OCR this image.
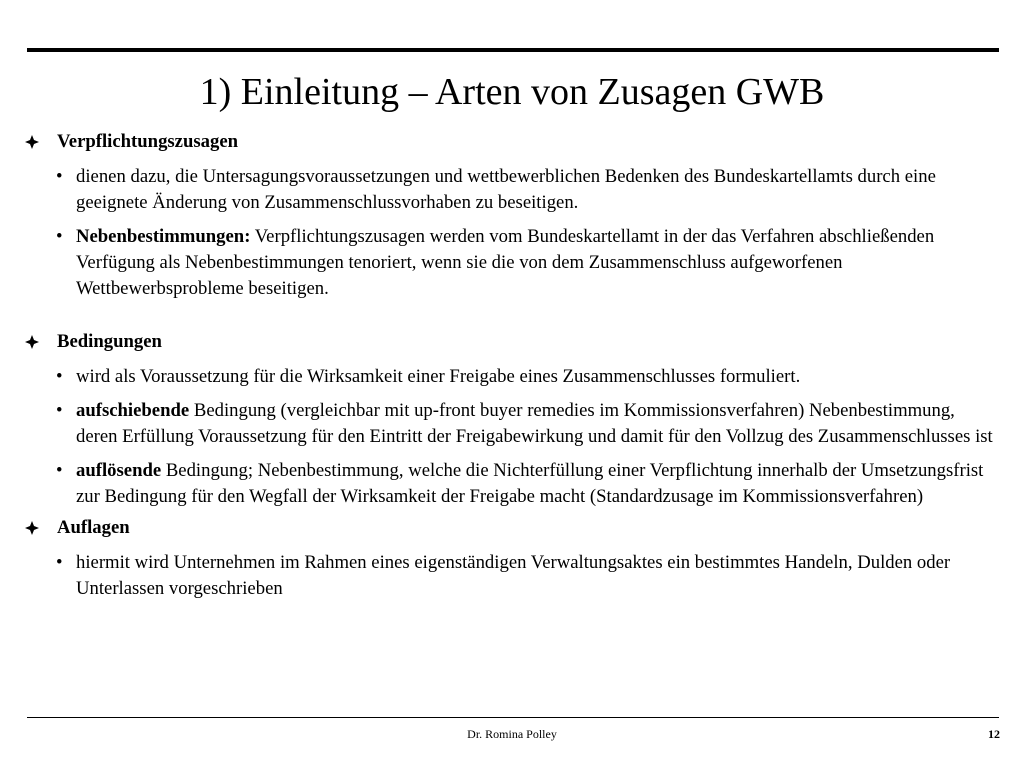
1) Einleitung – Arten von Zusagen GWB
Verpflichtungszusagen
• dienen dazu, die Untersagungsvoraussetzungen und wettbewerblichen Bedenken des Bundeskartellamts durch eine geeignete Änderung von Zusammenschlussvorhaben zu beseitigen.
• Nebenbestimmungen: Verpflichtungszusagen werden vom Bundeskartellamt in der das Verfahren abschließenden Verfügung als Nebenbestimmungen tenoriert, wenn sie die von dem Zusammenschluss aufgeworfenen Wettbewerbsprobleme beseitigen.
Bedingungen
• wird als Voraussetzung für die Wirksamkeit einer Freigabe eines Zusammenschlusses formuliert.
• aufschiebende Bedingung (vergleichbar mit up-front buyer remedies im Kommissionsverfahren) Nebenbestimmung, deren Erfüllung Voraussetzung für den Eintritt der Freigabewirkung und damit für den Vollzug des Zusammenschlusses ist
• auflösende Bedingung; Nebenbestimmung, welche die Nichterfüllung einer Verpflichtung innerhalb der Umsetzungsfrist zur Bedingung für den Wegfall der Wirksamkeit der Freigabe macht (Standardzusage im Kommissionsverfahren)
Auflagen
• hiermit wird Unternehmen im Rahmen eines eigenständigen Verwaltungsaktes ein bestimmtes Handeln, Dulden oder Unterlassen vorgeschrieben
Dr. Romina Polley	12
